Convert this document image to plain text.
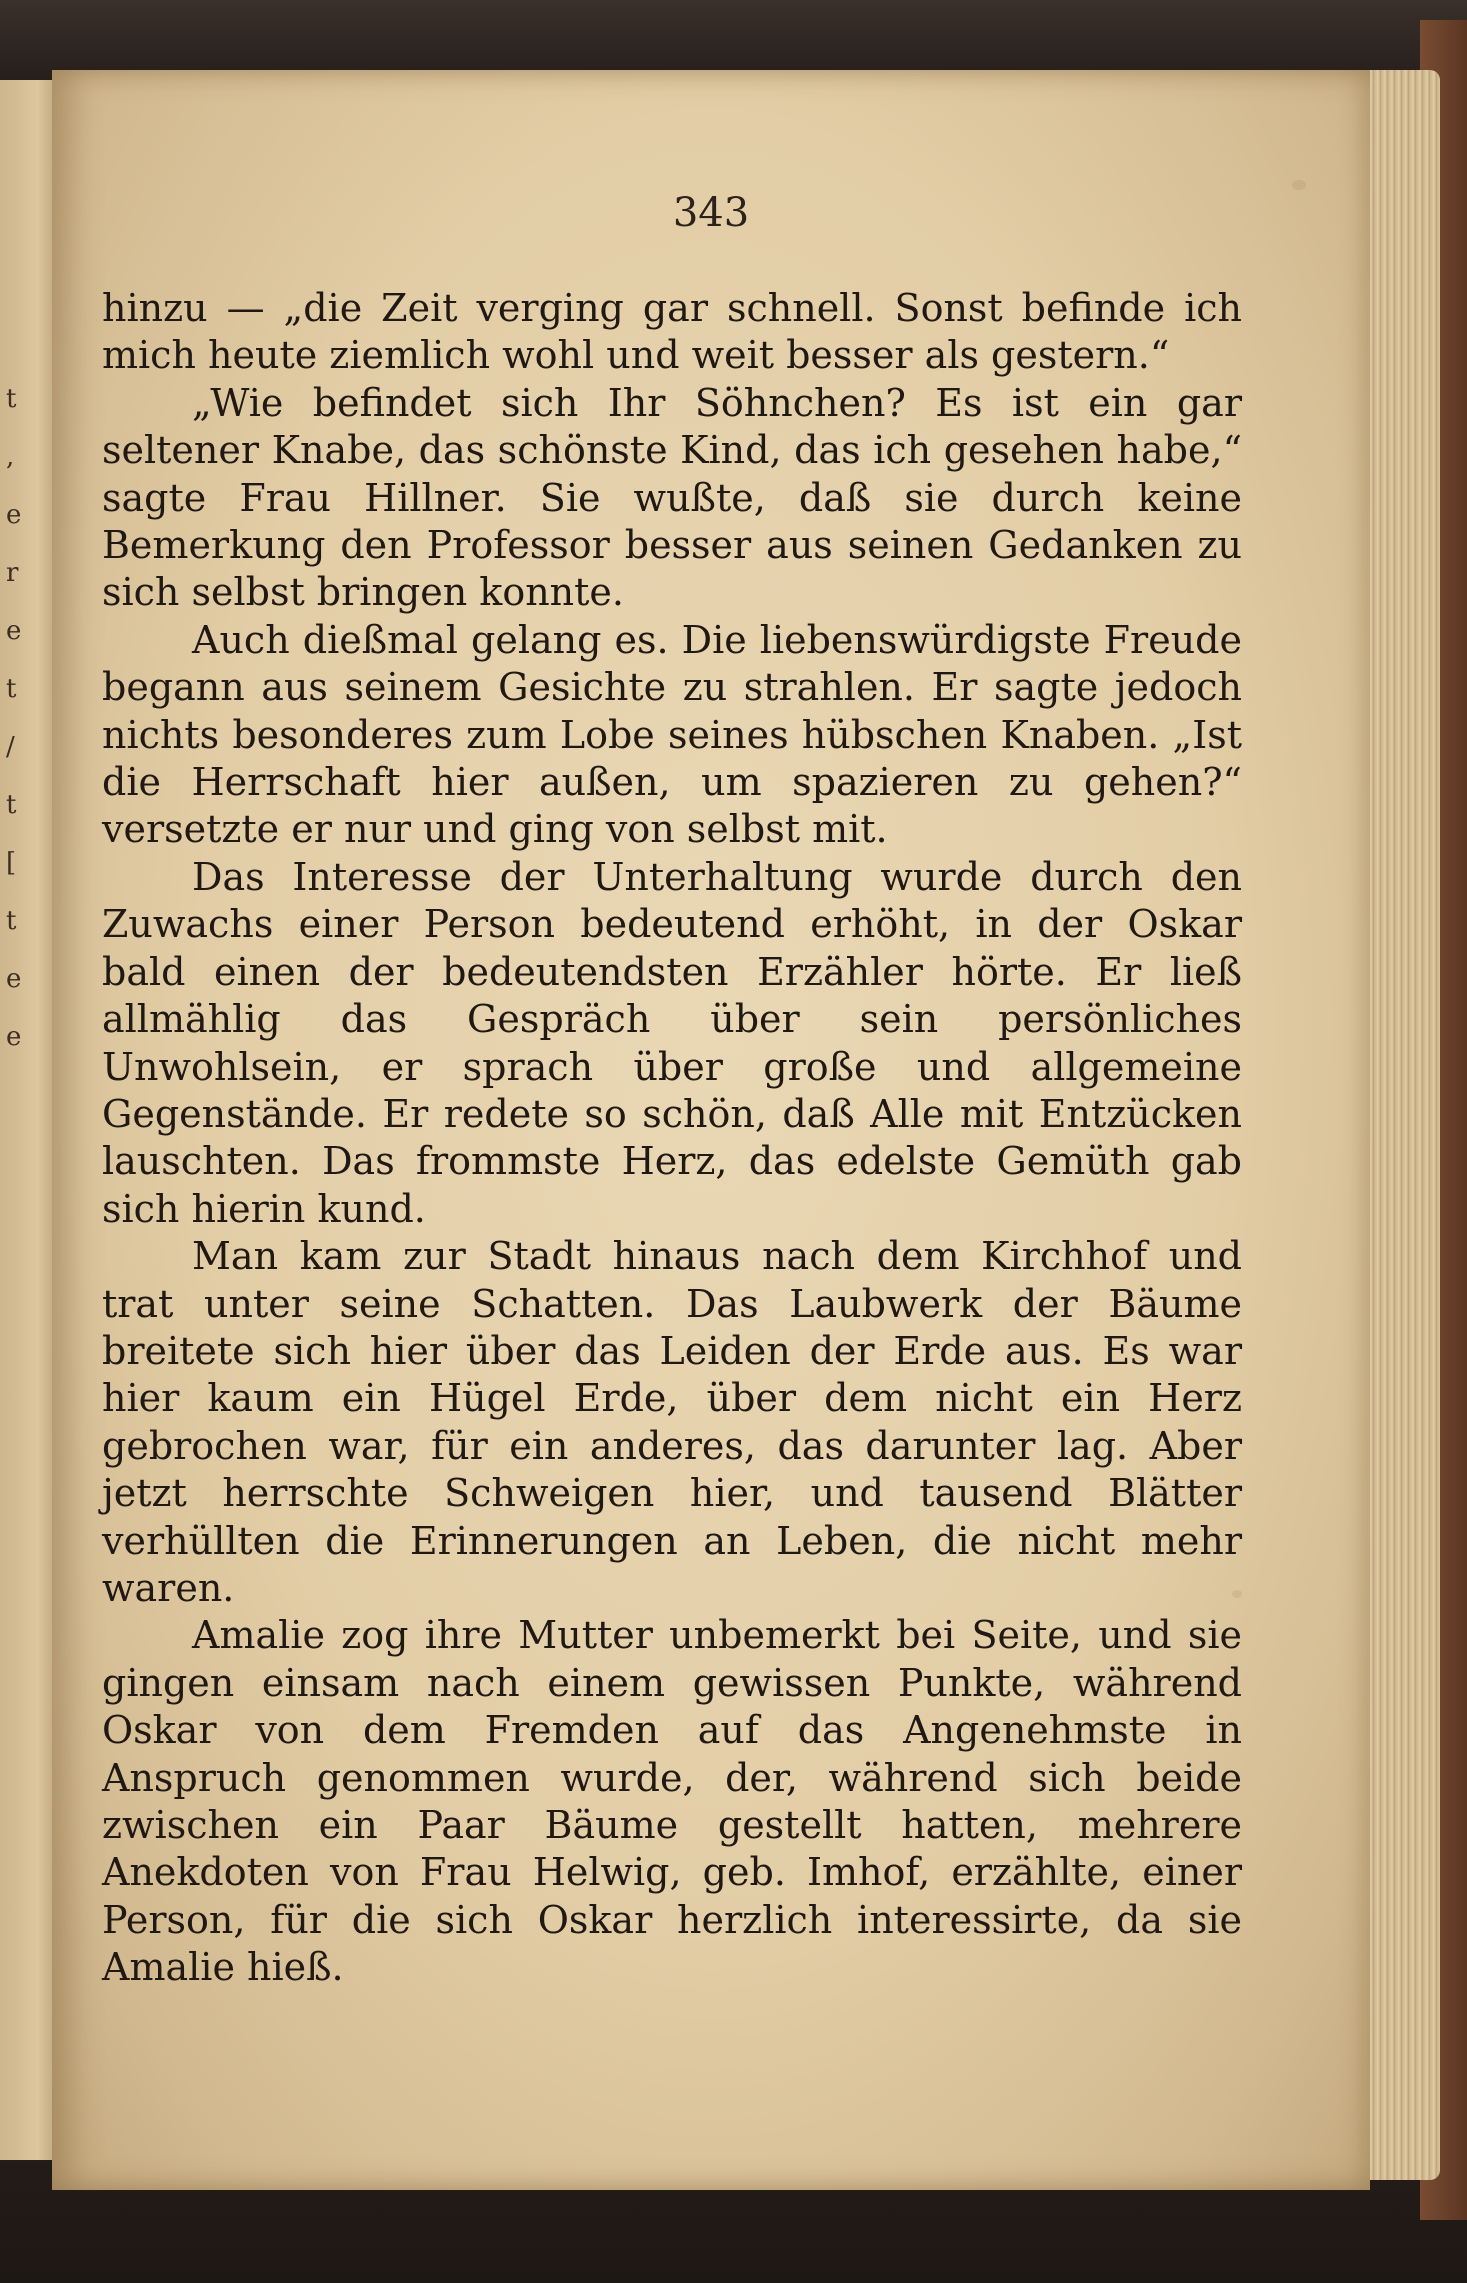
t
,
e
r
e
t
/
t
[
t
e
e
343

hinzu — „die Zeit verging gar schnell. Sonst befinde ich mich heute ziemlich wohl und weit besser als gestern.“

„Wie befindet sich Ihr Söhnchen? Es ist ein gar seltener Knabe, das schönste Kind, das ich gesehen habe,“ sagte Frau Hillner. Sie wußte, daß sie durch keine Bemerkung den Professor besser aus seinen Gedanken zu sich selbst bringen konnte.

Auch dießmal gelang es. Die liebenswürdigste Freude begann aus seinem Gesichte zu strahlen. Er sagte jedoch nichts besonderes zum Lobe seines hübschen Knaben. „Ist die Herrschaft hier außen, um spazieren zu gehen?“ versetzte er nur und ging von selbst mit.

Das Interesse der Unterhaltung wurde durch den Zuwachs einer Person bedeutend erhöht, in der Oskar bald einen der bedeutendsten Erzähler hörte. Er ließ allmählig das Gespräch über sein persönliches Unwohlsein, er sprach über große und allgemeine Gegenstände. Er redete so schön, daß Alle mit Entzücken lauschten. Das frommste Herz, das edelste Gemüth gab sich hierin kund.

Man kam zur Stadt hinaus nach dem Kirchhof und trat unter seine Schatten. Das Laubwerk der Bäume breitete sich hier über das Leiden der Erde aus. Es war hier kaum ein Hügel Erde, über dem nicht ein Herz gebrochen war, für ein anderes, das darunter lag. Aber jetzt herrschte Schweigen hier, und tausend Blätter verhüllten die Erinnerungen an Leben, die nicht mehr waren.

Amalie zog ihre Mutter unbemerkt bei Seite, und sie gingen einsam nach einem gewissen Punkte, während Oskar von dem Fremden auf das Angenehmste in Anspruch genommen wurde, der, während sich beide zwischen ein Paar Bäume gestellt hatten, mehrere Anekdoten von Frau Helwig, geb. Imhof, erzählte, einer Person, für die sich Oskar herzlich interessirte, da sie Amalie hieß.
